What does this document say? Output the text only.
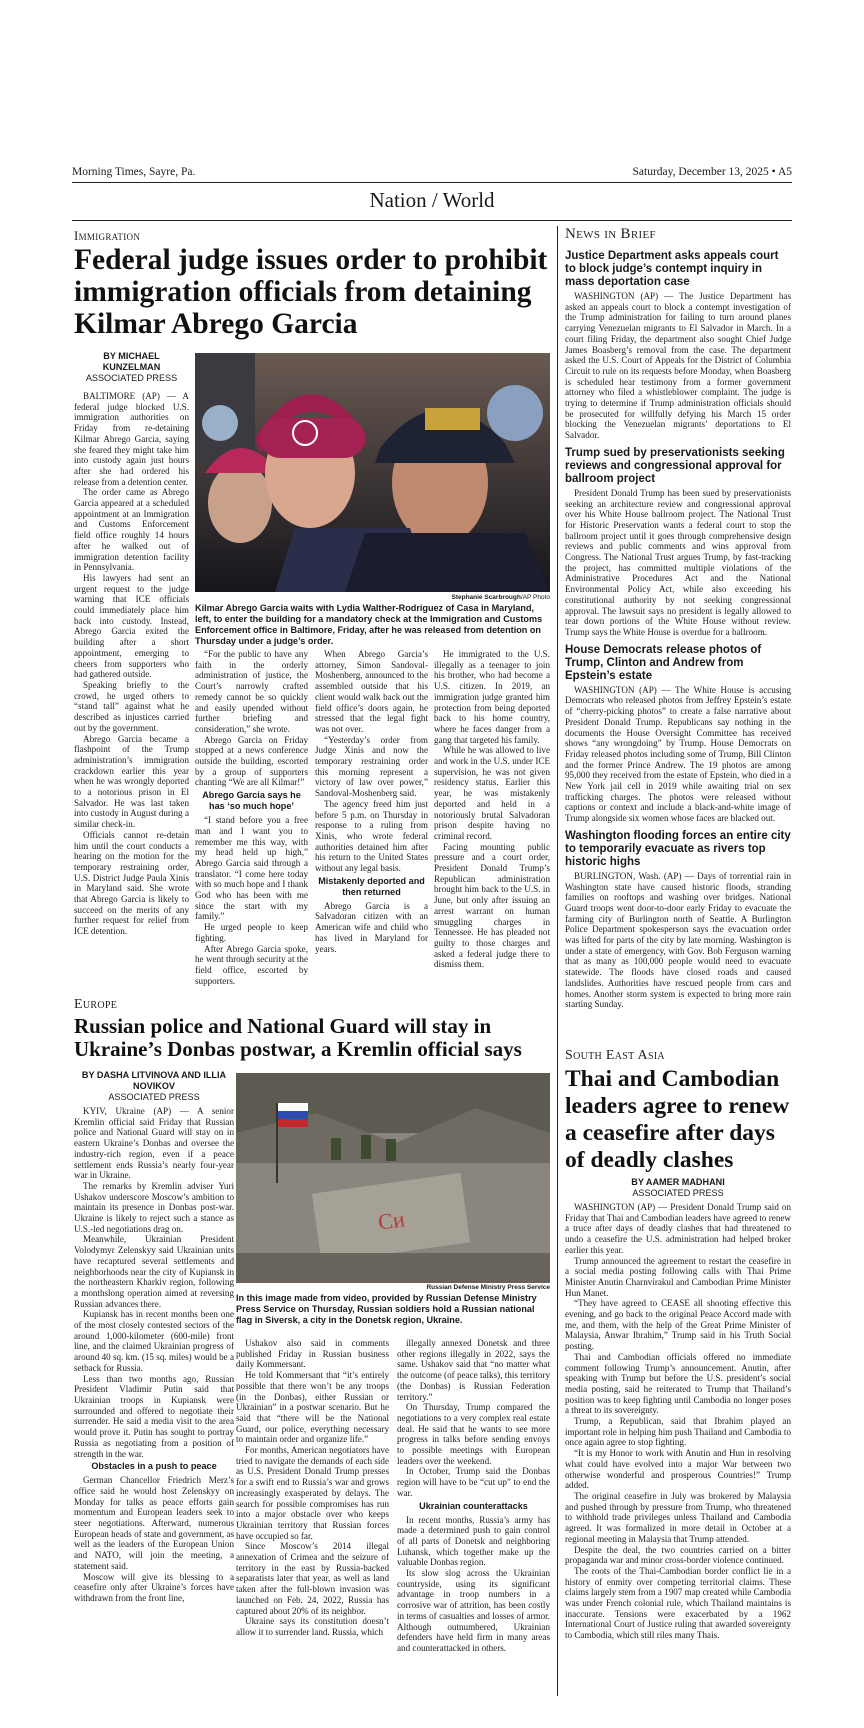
Morning Times, Sayre, Pa.	Saturday, December 13, 2025 • A5
Nation / World
Immigration
Federal judge issues order to prohibit immigration officials from detaining Kilmar Abrego Garcia
BY MICHAEL KUNZELMAN
ASSOCIATED PRESS

BALTIMORE (AP) — A federal judge blocked U.S. immigration authorities on Friday from re-detaining Kilmar Abrego Garcia, saying she feared they might take him into custody again just hours after she had ordered his release from a detention center.

The order came as Abrego Garcia appeared at a scheduled appointment at an Immigration and Customs Enforcement field office roughly 14 hours after he walked out of immigration detention facility in Pennsylvania.

His lawyers had sent an urgent request to the judge warning that ICE officials could immediately place him back into custody. Instead, Abrego Garcia exited the building after a short appointment, emerging to cheers from supporters who had gathered outside.

Speaking briefly to the crowd, he urged others to “stand tall” against what he described as injustices carried out by the government.

Abrego Garcia became a flashpoint of the Trump administration’s immigration crackdown earlier this year when he was wrongly deported to a notorious prison in El Salvador. He was last taken into custody in August during a similar check-in.

Officials cannot re-detain him until the court conducts a hearing on the motion for the temporary restraining order, U.S. District Judge Paula Xinis in Maryland said. She wrote that Abrego Garcia is likely to succeed on the merits of any further request for relief from ICE detention.

Stephanie Scarbrough/AP Photo
Kilmar Abrego Garcia waits with Lydia Walther-Rodriguez of Casa in Maryland, left, to enter the building for a mandatory check at the Immigration and Customs Enforcement office in Baltimore, Friday, after he was released from detention on Thursday under a judge’s order.

“For the public to have any faith in the orderly administration of justice, the Court’s narrowly crafted remedy cannot be so quickly and easily upended without further briefing and consideration,” she wrote.

Abrego Garcia on Friday stopped at a news conference outside the building, escorted by a group of supporters chanting “We are all Kilmar!”

Abrego Garcia says he has ‘so much hope’

“I stand before you a free man and I want you to remember me this way, with my head held up high,” Abrego Garcia said through a translator. “I come here today with so much hope and I thank God who has been with me since the start with my family.”

He urged people to keep fighting.

After Abrego Garcia spoke, he went through security at the field office, escorted by supporters.

When Abrego Garcia’s attorney, Simon Sandoval-Moshenberg, announced to the assembled outside that his client would walk back out the field office’s doors again, he stressed that the legal fight was not over.

“Yesterday’s order from Judge Xinis and now the temporary restraining order this morning represent a victory of law over power,” Sandoval-Moshenberg said.

The agency freed him just before 5 p.m. on Thursday in response to a ruling from Xinis, who wrote federal authorities detained him after his return to the United States without any legal basis.

Mistakenly deported and then returned

Abrego Garcia is a Salvadoran citizen with an American wife and child who has lived in Maryland for years.

He immigrated to the U.S. illegally as a teenager to join his brother, who had become a U.S. citizen. In 2019, an immigration judge granted him protection from being deported back to his home country, where he faces danger from a gang that targeted his family.

While he was allowed to live and work in the U.S. under ICE supervision, he was not given residency status. Earlier this year, he was mistakenly deported and held in a notoriously brutal Salvadoran prison despite having no criminal record.

Facing mounting public pressure and a court order, President Donald Trump’s Republican administration brought him back to the U.S. in June, but only after issuing an arrest warrant on human smuggling charges in Tennessee. He has pleaded not guilty to those charges and asked a federal judge there to dismiss them.

News in Brief
Justice Department asks appeals court to block judge’s contempt inquiry in mass deportation case

WASHINGTON (AP) — The Justice Department has asked an appeals court to block a contempt investigation of the Trump administration for failing to turn around planes carrying Venezuelan migrants to El Salvador in March. In a court filing Friday, the department also sought Chief Judge James Boasberg’s removal from the case. The department asked the U.S. Court of Appeals for the District of Columbia Circuit to rule on its requests before Monday, when Boasberg is scheduled hear testimony from a former government attorney who filed a whistleblower complaint. The judge is trying to determine if Trump administration officials should be prosecuted for willfully defying his March 15 order blocking the Venezuelan migrants’ deportations to El Salvador.

Trump sued by preservationists seeking reviews and congressional approval for ballroom project

President Donald Trump has been sued by preservationists seeking an architecture review and congressional approval over his White House ballroom project. The National Trust for Historic Preservation wants a federal court to stop the ballroom project until it goes through comprehensive design reviews and public comments and wins approval from Congress. The National Trust argues Trump, by fast-tracking the project, has committed multiple violations of the Administrative Procedures Act and the National Environmental Policy Act, while also exceeding his constitutional authority by not seeking congressional approval. The lawsuit says no president is legally allowed to tear down portions of the White House without review. Trump says the White House is overdue for a ballroom.

House Democrats release photos of Trump, Clinton and Andrew from Epstein’s estate

WASHINGTON (AP) — The White House is accusing Democrats who released photos from Jeffrey Epstein’s estate of “cherry-picking photos” to create a false narrative about President Donald Trump. Republicans say nothing in the documents the House Oversight Committee has received shows “any wrongdoing” by Trump. House Democrats on Friday released photos including some of Trump, Bill Clinton and the former Prince Andrew. The 19 photos are among 95,000 they received from the estate of Epstein, who died in a New York jail cell in 2019 while awaiting trial on sex trafficking charges. The photos were released without captions or context and include a black-and-white image of Trump alongside six women whose faces are blacked out.

Washington flooding forces an entire city to temporarily evacuate as rivers top historic highs

BURLINGTON, Wash. (AP) — Days of torrential rain in Washington state have caused historic floods, stranding families on rooftops and washing over bridges. National Guard troops went door-to-door early Friday to evacuate the farming city of Burlington north of Seattle. A Burlington Police Department spokesperson says the evacuation order was lifted for parts of the city by late morning. Washington is under a state of emergency, with Gov. Bob Ferguson warning that as many as 100,000 people would need to evacuate statewide. The floods have closed roads and caused landslides. Authorities have rescued people from cars and homes. Another storm system is expected to bring more rain starting Sunday.

Europe
Russian police and National Guard will stay in Ukraine’s Donbas postwar, a Kremlin official says
BY DASHA LITVINOVA AND ILLIA NOVIKOV
ASSOCIATED PRESS

KYIV, Ukraine (AP) — A senior Kremlin official said Friday that Russian police and National Guard will stay on in eastern Ukraine’s Donbas and oversee the industry-rich region, even if a peace settlement ends Russia’s nearly four-year war in Ukraine.

The remarks by Kremlin adviser Yuri Ushakov underscore Moscow’s ambition to maintain its presence in Donbas post-war. Ukraine is likely to reject such a stance as U.S.-led negotiations drag on.

Meanwhile, Ukrainian President Volodymyr Zelenskyy said Ukrainian units have recaptured several settlements and neighborhoods near the city of Kupiansk in the northeastern Kharkiv region, following a monthslong operation aimed at reversing Russian advances there.

Kupiansk has in recent months been one of the most closely contested sectors of the around 1,000-kilometer (600-mile) front line, and the claimed Ukrainian progress of around 40 sq. km. (15 sq. miles) would be a setback for Russia.

Less than two months ago, Russian President Vladimir Putin said that Ukrainian troops in Kupiansk were surrounded and offered to negotiate their surrender. He said a media visit to the area would prove it. Putin has sought to portray Russia as negotiating from a position of strength in the war.

Obstacles in a push to peace

German Chancellor Friedrich Merz’s office said he would host Zelenskyy on Monday for talks as peace efforts gain momentum and European leaders seek to steer negotiations. Afterward, numerous European heads of state and government, as well as the leaders of the European Union and NATO, will join the meeting, a statement said.

Moscow will give its blessing to a ceasefire only after Ukraine’s forces have withdrawn from the front line,

Cи
Russian Defense Ministry Press Service
In this image made from video, provided by Russian Defense Ministry Press Service on Thursday, Russian soldiers hold a Russian national flag in Siversk, a city in the Donetsk region, Ukraine.

Ushakov also said in comments published Friday in Russian business daily Kommersant.

He told Kommersant that “it’s entirely possible that there won’t be any troops (in the Donbas), either Russian or Ukrainian” in a postwar scenario. But he said that “there will be the National Guard, our police, everything necessary to maintain order and organize life.”

For months, American negotiators have tried to navigate the demands of each side as U.S. President Donald Trump presses for a swift end to Russia’s war and grows increasingly exasperated by delays. The search for possible compromises has run into a major obstacle over who keeps Ukrainian territory that Russian forces have occupied so far.

Since Moscow’s 2014 illegal annexation of Crimea and the seizure of territory in the east by Russia-backed separatists later that year, as well as land taken after the full-blown invasion was launched on Feb. 24, 2022, Russia has captured about 20% of its neighbor.

Ukraine says its constitution doesn’t allow it to surrender land. Russia, which

illegally annexed Donetsk and three other regions illegally in 2022, says the same. Ushakov said that “no matter what the outcome (of peace talks), this territory (the Donbas) is Russian Federation territory.”

On Thursday, Trump compared the negotiations to a very complex real estate deal. He said that he wants to see more progress in talks before sending envoys to possible meetings with European leaders over the weekend.

In October, Trump said the Donbas region will have to be “cut up” to end the war.

Ukrainian counterattacks

In recent months, Russia’s army has made a determined push to gain control of all parts of Donetsk and neighboring Luhansk, which together make up the valuable Donbas region.

Its slow slog across the Ukrainian countryside, using its significant advantage in troop numbers in a corrosive war of attrition, has been costly in terms of casualties and losses of armor. Although outnumbered, Ukrainian defenders have held firm in many areas and counterattacked in others.

South East Asia
Thai and Cambodian leaders agree to renew a ceasefire after days of deadly clashes
BY AAMER MADHANI
ASSOCIATED PRESS

WASHINGTON (AP) — President Donald Trump said on Friday that Thai and Cambodian leaders have agreed to renew a truce after days of deadly clashes that had threatened to undo a ceasefire the U.S. administration had helped broker earlier this year.

Trump announced the agreement to restart the ceasefire in a social media posting following calls with Thai Prime Minister Anutin Charnvirakul and Cambodian Prime Minister Hun Manet.

“They have agreed to CEASE all shooting effective this evening, and go back to the original Peace Accord made with me, and them, with the help of the Great Prime Minister of Malaysia, Anwar Ibrahim,” Trump said in his Truth Social posting.

Thai and Cambodian officials offered no immediate comment following Trump’s announcement. Anutin, after speaking with Trump but before the U.S. president’s social media posting, said he reiterated to Trump that Thailand’s position was to keep fighting until Cambodia no longer poses a threat to its sovereignty.

Trump, a Republican, said that Ibrahim played an important role in helping him push Thailand and Cambodia to once again agree to stop fighting.

“It is my Honor to work with Anutin and Hun in resolving what could have evolved into a major War between two otherwise wonderful and prosperous Countries!” Trump added.

The original ceasefire in July was brokered by Malaysia and pushed through by pressure from Trump, who threatened to withhold trade privileges unless Thailand and Cambodia agreed. It was formalized in more detail in October at a regional meeting in Malaysia that Trump attended.

Despite the deal, the two countries carried on a bitter propaganda war and minor cross-border violence continued.

The roots of the Thai-Cambodian border conflict lie in a history of enmity over competing territorial claims. These claims largely stem from a 1907 map created while Cambodia was under French colonial rule, which Thailand maintains is inaccurate. Tensions were exacerbated by a 1962 International Court of Justice ruling that awarded sovereignty to Cambodia, which still riles many Thais.
